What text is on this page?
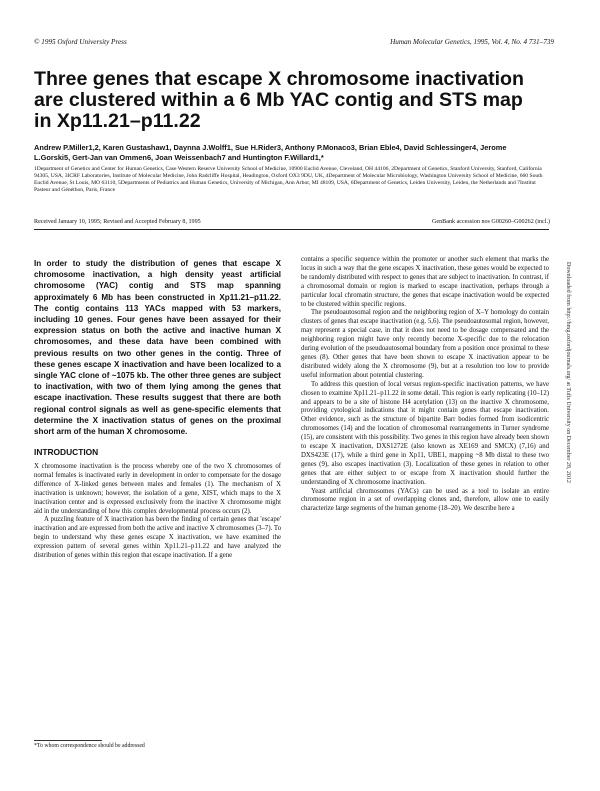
© 1995 Oxford University Press	Human Molecular Genetics, 1995, Vol. 4, No. 4 731–739
Three genes that escape X chromosome inactivation are clustered within a 6 Mb YAC contig and STS map in Xp11.21–p11.22
Andrew P.Miller1,2, Karen Gustashaw1, Daynna J.Wolff1, Sue H.Rider3, Anthony P.Monaco3, Brian Eble4, David Schlessinger4, Jerome L.Gorski5, Gert-Jan van Ommen6, Joan Weissenbach7 and Huntington F.Willard1,*
1Department of Genetics and Center for Human Genetics, Case Western Reserve University School of Medicine, 10900 Euclid Avenue, Cleveland, OH 44106, 2Department of Genetics, Stanford University, Stanford, California 94305, USA, 3ICRF Laboratories, Institute of Molecular Medicine, John Radcliffe Hospital, Headington, Oxford OX3 9DU, UK, 4Department of Molecular Microbiology, Washington University School of Medicine, 660 South Euclid Avenue, St Louis, MO 63110, 5Departments of Pediatrics and Human Genetics, University of Michigan, Ann Arbor, MI 48109, USA, 6Department of Genetics, Leiden University, Leiden, the Netherlands and 7Institut Pasteur and Généthon, Paris, France
Received January 10, 1995; Revised and Accepted February 8, 1995	GenBank accession nos G00260–G00262 (incl.)
In order to study the distribution of genes that escape X chromosome inactivation, a high density yeast artificial chromosome (YAC) contig and STS map spanning approximately 6 Mb has been constructed in Xp11.21–p11.22. The contig contains 113 YACs mapped with 53 markers, including 10 genes. Four genes have been assayed for their expression status on both the active and inactive human X chromosomes, and these data have been combined with previous results on two other genes in the contig. Three of these genes escape X inactivation and have been localized to a single YAC clone of ~1075 kb. The other three genes are subject to inactivation, with two of them lying among the genes that escape inactivation. These results suggest that there are both regional control signals as well as gene-specific elements that determine the X inactivation status of genes on the proximal short arm of the human X chromosome.
INTRODUCTION

X chromosome inactivation is the process whereby one of the two X chromosomes of normal females is inactivated early in development in order to compensate for the dosage difference of X-linked genes between males and females (1). The mechanism of X inactivation is unknown; however, the isolation of a gene, XIST, which maps to the X inactivation center and is expressed exclusively from the inactive X chromosome might aid in the understanding of how this complex developmental process occurs (2).

A puzzling feature of X inactivation has been the finding of certain genes that 'escape' inactivation and are expressed from both the active and inactive X chromosomes (3–7). To begin to understand why these genes escape X inactivation, we have examined the expression pattern of several genes within Xp11.21–p11.22 and have analyzed the distribution of genes within this region that escape inactivation. If a gene

contains a specific sequence within the promoter or another such element that marks the locus in such a way that the gene escapes X inactivation, these genes would be expected to be randomly distributed with respect to genes that are subject to inactivation. In contrast, if a chromosomal domain or region is marked to escape inactivation, perhaps through a particular local chromatin structure, the genes that escape inactivation would be expected to be clustered within specific regions.

The pseudoautosomal region and the neighboring region of X–Y homology do contain clusters of genes that escape inactivation (e.g. 5,6). The pseudoautosomal region, however, may represent a special case, in that it does not need to be dosage compensated and the neighboring region might have only recently become X-specific due to the relocation during evolution of the pseudoautosomal boundary from a position once proximal to these genes (8). Other genes that have been shown to escape X inactivation appear to be distributed widely along the X chromosome (9), but at a resolution too low to provide useful information about potential clustering.

To address this question of local versus region-specific inactivation patterns, we have chosen to examine Xp11.21–p11.22 in some detail. This region is early replicating (10–12) and appears to be a site of histone H4 acetylation (13) on the inactive X chromosome, providing cytological indications that it might contain genes that escape inactivation. Other evidence, such as the structure of bipartite Barr bodies formed from isodicentric chromosomes (14) and the location of chromosomal rearrangements in Turner syndrome (15), are consistent with this possibility. Two genes in this region have already been shown to escape X inactivation, DXS1272E (also known as XE169 and SMCX) (7,16) and DXS423E (17), while a third gene in Xp11, UBE1, mapping ~8 Mb distal to these two genes (9), also escapes inactivation (3). Localization of these genes in relation to other genes that are either subject to or escape from X inactivation should further the understanding of X chromosome inactivation.

Yeast artificial chromosomes (YACs) can be used as a tool to isolate an entire chromosome region in a set of overlapping clones and, therefore, allow one to easily characterize large segments of the human genome (18–20). We describe here a

*To whom correspondence should be addressed
Downloaded from http://hmg.oxfordjournals.org/ at Tufts University on December 28, 2012
